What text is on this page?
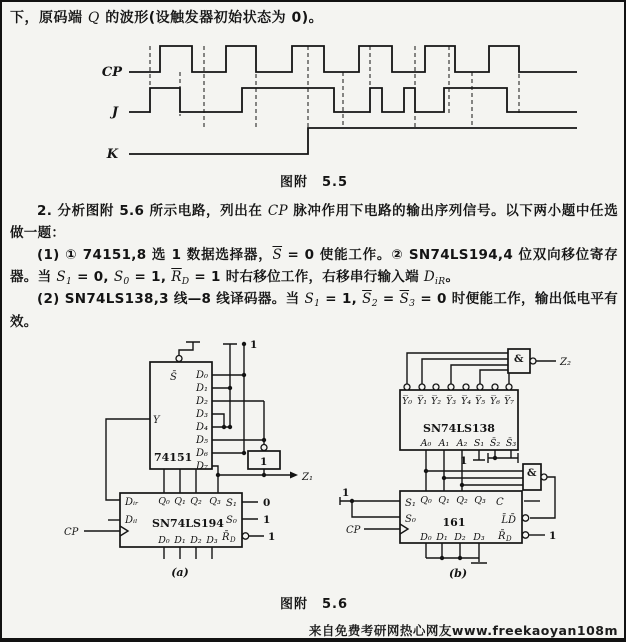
下，原码端 Q 的波形(设触发器初始状态为 0)。
CP
J
K
图附　5.5
74151
S̄
Y
D₀
D₁
D₂
D₃
D₄
D₅
D₆
D₇
1
1
Z₁
Dᵢᵣ
Dᵢₗ SN74LS194
Q₀ Q₁ Q₂ Q₃ S₁
S₀
R̄ D
0
1
1
CP
D₀ D₁ D₂ D₃
(a)
&	Z₂
Y̅₀ Y̅₁ Y̅₂ Y̅₃ Y̅₄ Y̅₅ Y̅₆ Y̅₇
SN74LS138
A₀ A₁ A₂ S₁ S̄₂ S̄₃
1
&
S₁
S₀ 161
Q₀ Q₁ Q₂ Q₃ C
L̄D̄
R̄ D	1
1
CP
D₀ D₁ D₂ D₃
(b)
图附　5.6

2. 分析图附 5.6 所示电路，列出在 CP 脉冲作用下电路的输出序列信号。以下两小题中任选做一题：

(1) ① 74151,8 选 1 数据选择器，$\overline{S} = 0$ 使能工作。② SN74LS194,4 位双向移位寄存器。当 $S_1 = 0$, $S_0 = 1$, $\overline{R}_D = 1$ 时右移位工作，右移串行输入端 $D_{iR}$。

(2) SN74LS138,3 线—8 线译码器。当 $S_1 = 1$, $\overline{S}_2 = \overline{S}_3 = 0$ 时便能工作，输出低电平有效。

来自免费考研网热心网友www.freekaoyan108m
